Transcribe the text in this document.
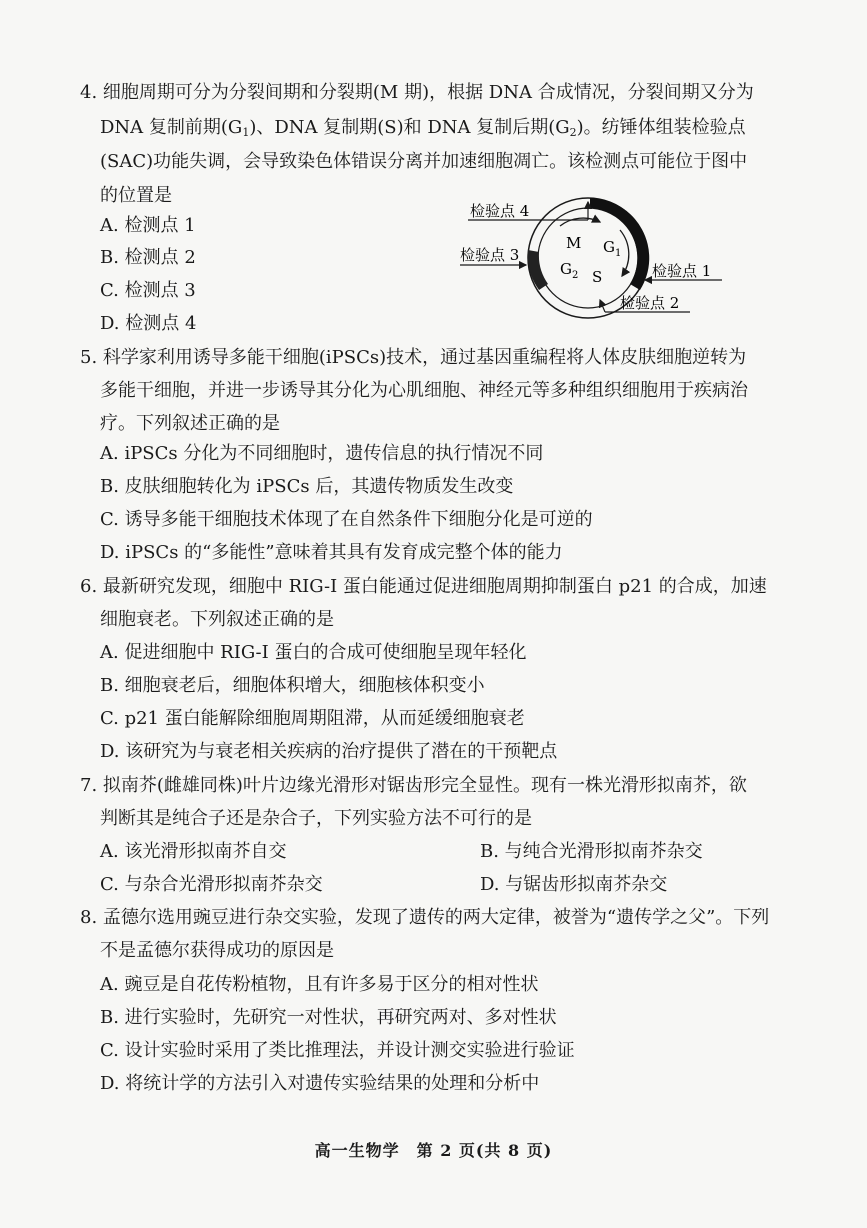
4. 细胞周期可分为分裂间期和分裂期(M 期)，根据 DNA 合成情况，分裂间期又分为
DNA 复制前期$(G_1)$、DNA 复制期(S)和 DNA 复制后期$(G_2)$。纺锤体组装检验点
(SAC)功能失调，会导致染色体错误分离并加速细胞凋亡。该检测点可能位于图中
的位置是
A. 检测点 1
B. 检测点 2
C. 检测点 3
D. 检测点 4
M $G_1$
$G_2$ S
检验点 4
检验点 3
检验点 1
检验点 2
5. 科学家利用诱导多能干细胞(iPSCs)技术，通过基因重编程将人体皮肤细胞逆转为
多能干细胞，并进一步诱导其分化为心肌细胞、神经元等多种组织细胞用于疾病治
疗。下列叙述正确的是
A. iPSCs 分化为不同细胞时，遗传信息的执行情况不同
B. 皮肤细胞转化为 iPSCs 后，其遗传物质发生改变
C. 诱导多能干细胞技术体现了在自然条件下细胞分化是可逆的
D. iPSCs 的“多能性”意味着其具有发育成完整个体的能力
6. 最新研究发现，细胞中 RIG-I 蛋白能通过促进细胞周期抑制蛋白 p21 的合成，加速
细胞衰老。下列叙述正确的是
A. 促进细胞中 RIG-I 蛋白的合成可使细胞呈现年轻化
B. 细胞衰老后，细胞体积增大，细胞核体积变小
C. p21 蛋白能解除细胞周期阻滞，从而延缓细胞衰老
D. 该研究为与衰老相关疾病的治疗提供了潜在的干预靶点
7. 拟南芥(雌雄同株)叶片边缘光滑形对锯齿形完全显性。现有一株光滑形拟南芥，欲
判断其是纯合子还是杂合子，下列实验方法不可行的是
A. 该光滑形拟南芥自交	B. 与纯合光滑形拟南芥杂交
C. 与杂合光滑形拟南芥杂交	D. 与锯齿形拟南芥杂交
8. 孟德尔选用豌豆进行杂交实验，发现了遗传的两大定律，被誉为“遗传学之父”。下列
不是孟德尔获得成功的原因是
A. 豌豆是自花传粉植物，且有许多易于区分的相对性状
B. 进行实验时，先研究一对性状，再研究两对、多对性状
C. 设计实验时采用了类比推理法，并设计测交实验进行验证
D. 将统计学的方法引入对遗传实验结果的处理和分析中
高一生物学　第 2 页(共 8 页)
